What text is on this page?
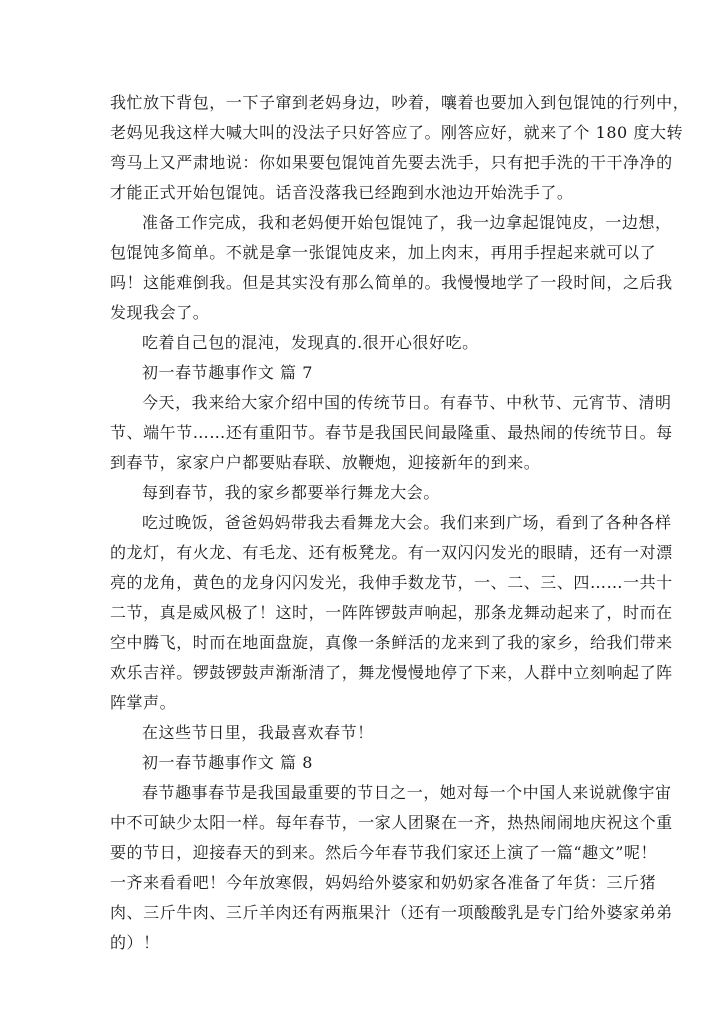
我忙放下背包，一下子窜到老妈身边，吵着，嚷着也要加入到包馄饨的行列中，
老妈见我这样大喊大叫的没法子只好答应了。刚答应好，就来了个 180 度大转
弯马上又严肃地说：你如果要包馄饨首先要去洗手，只有把手洗的干干净净的
才能正式开始包馄饨。话音没落我已经跑到水池边开始洗手了。
准备工作完成，我和老妈便开始包馄饨了，我一边拿起馄饨皮，一边想，
包馄饨多简单。不就是拿一张馄饨皮来，加上肉末，再用手捏起来就可以了
吗！这能难倒我。但是其实没有那么简单的。我慢慢地学了一段时间，之后我
发现我会了。
吃着自己包的混沌，发现真的.很开心很好吃。
初一春节趣事作文 篇 7
今天，我来给大家介绍中国的传统节日。有春节、中秋节、元宵节、清明
节、端午节……还有重阳节。春节是我国民间最隆重、最热闹的传统节日。每
到春节，家家户户都要贴春联、放鞭炮，迎接新年的到来。
每到春节，我的家乡都要举行舞龙大会。
吃过晚饭，爸爸妈妈带我去看舞龙大会。我们来到广场，看到了各种各样
的龙灯，有火龙、有毛龙、还有板凳龙。有一双闪闪发光的眼睛，还有一对漂
亮的龙角，黄色的龙身闪闪发光，我伸手数龙节，一、二、三、四……一共十
二节，真是威风极了！这时，一阵阵锣鼓声响起，那条龙舞动起来了，时而在
空中腾飞，时而在地面盘旋，真像一条鲜活的龙来到了我的家乡，给我们带来
欢乐吉祥。锣鼓锣鼓声渐渐清了，舞龙慢慢地停了下来，人群中立刻响起了阵
阵掌声。
在这些节日里，我最喜欢春节！
初一春节趣事作文 篇 8
春节趣事春节是我国最重要的节日之一，她对每一个中国人来说就像宇宙
中不可缺少太阳一样。每年春节，一家人团聚在一齐，热热闹闹地庆祝这个重
要的节日，迎接春天的到来。然后今年春节我们家还上演了一篇“趣文”呢！
一齐来看看吧！今年放寒假，妈妈给外婆家和奶奶家各准备了年货：三斤猪
肉、三斤牛肉、三斤羊肉还有两瓶果汁（还有一项酸酸乳是专门给外婆家弟弟
的）！
